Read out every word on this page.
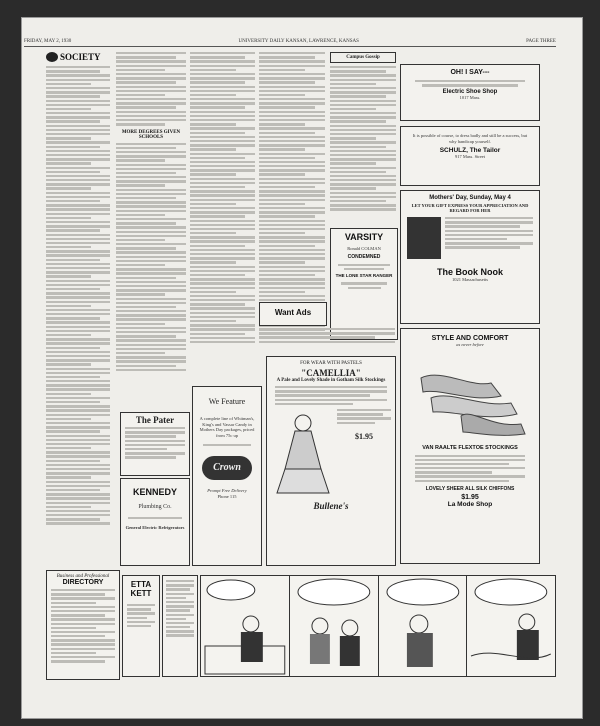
FRIDAY, MAY 2, 1930	UNIVERSITY DAILY KANSAN, LAWRENCE, KANSAS	PAGE THREE
SOCIETY
MORE DEGREES GIVEN SCHOOLS
Campus Gossip
OH! I SAY---
Electric Shoe Shop
1017 Mass.
It is possible of course, to dress badly and still be a success, but why handicap yourself.
SCHULZ, The Tailor
917 Mass. Street
Mothers' Day, Sunday, May 4
LET YOUR GIFT EXPRESS YOUR APPRECIATION AND REGARD FOR HER
The Book Nook
1021 Massachusetts
VARSITY
Ronald COLMAN
CONDEMNED
THE LONE STAR RANGER
Want Ads
The Pater
KENNEDY
Plumbing Co.
General Electric Refrigerators
We Feature
A complete line of Whitman's, King's and Vassar Candy in Mothers Day packages, priced from 75c up
Crown
Prompt Free Delivery
Phone 115
FOR WEAR WITH PASTELS
"CAMELLIA"
A Pale and Lovely Shade in Gotham Silk Stockings
$1.95
Bullene's
STYLE AND COMFORT
as never before
VAN RAALTE FLEXTOE STOCKINGS
LOVELY SHEER ALL SILK CHIFFONS
$1.95
La Mode Shop
Business and Professional
DIRECTORY	ETTA
KETT
